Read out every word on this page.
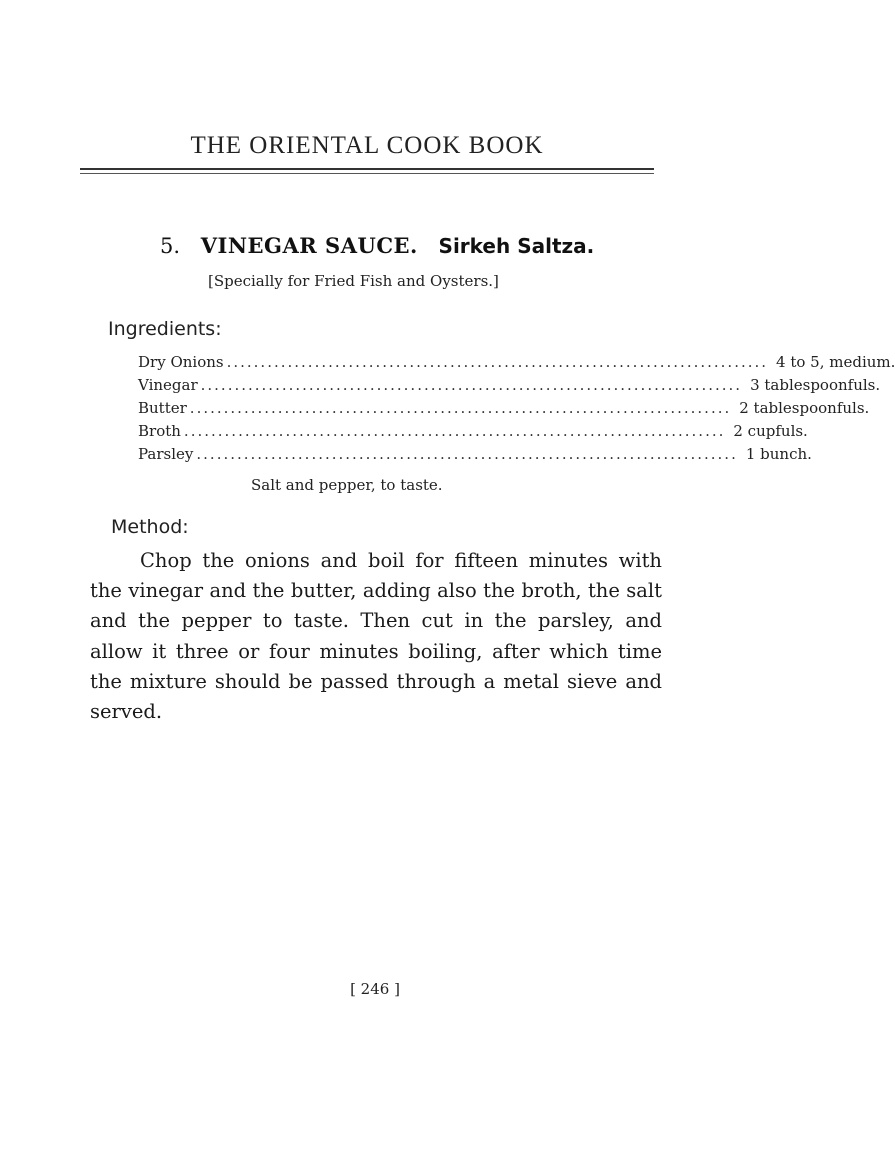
THE ORIENTAL COOK BOOK
5. VINEGAR SAUCE. Sirkeh Saltza.
[Specially for Fried Fish and Oysters.]
Ingredients:
Dry Onions ................................................................................ 4 to 5, medium.
Vinegar ................................................................................ 3 tablespoonfuls.
Butter ................................................................................ 2 tablespoonfuls.
Broth ................................................................................ 2 cupfuls.
Parsley ................................................................................ 1 bunch.
Salt and pepper, to taste.
Method:

Chop the onions and boil for fifteen minutes with the vinegar and the butter, adding also the broth, the salt and the pepper to taste. Then cut in the parsley, and allow it three or four minutes boiling, after which time the mixture should be passed through a metal sieve and served.

[ 246 ]
